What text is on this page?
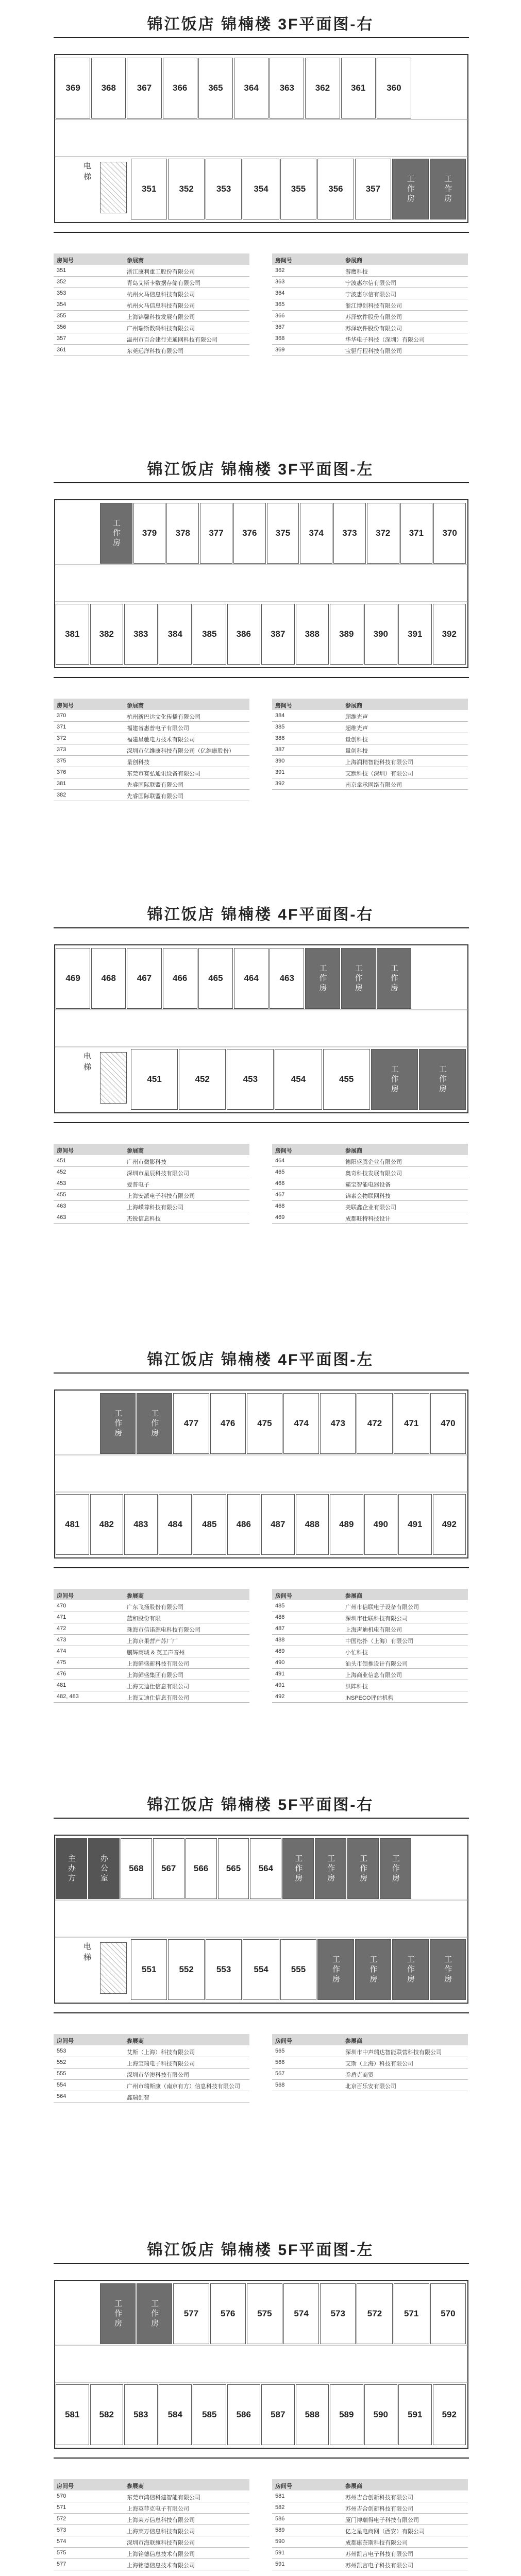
锦江饭店 锦楠楼 3F平面图-右
369	368	367	366	365	364	363	362	361	360
351	352	353	354	355	356	357	工作房	工作房
电梯
房间号	参展商
351	浙江康利重工股份有限公司
352	青岛艾斯卡数据存储有限公司
353	杭州火马信息科技有限公司
354	杭州火马信息科技有限公司
355	上海锦馨科技发展有限公司
356	广州瑞斯数码科技有限公司
357	温州市百合建行光通网科技有限公司
361	东莞远洋科技有限公司
房间号	参展商
362	游鹰科技
363	宁波惠尔信有限公司
364	宁波惠尔信有限公司
365	浙江博创科技有限公司
366	苏泽软件股份有限公司
367	苏泽软件股份有限公司
368	华华电子科技（深圳）有限公司
369	宝驱行程科技有限公司
锦江饭店 锦楠楼 3F平面图-左
工作房	379	378	377	376	375	374	373	372	371	370
381	382	383	384	385	386	387	388	389	390	391	392
房间号	参展商
370	杭州新巴达文化传播有限公司
371	福建省惠普电子有限公司
372	福建星驰电力技术有限公司
373	深圳市亿维康科技有限公司（亿维康股份）
375	量创科技
376	东莞市赛弘通讯设备有限公司
381	先睿国际联盟有限公司
382	先睿国际联盟有限公司
房间号	参展商
384	超维光声
385	超维光声
386	量创科技
387	量创科技
390	上海润精智能科技有限公司
391	艾默科技（深圳）有限公司
392	南京拿承网络有限公司
锦江饭店 锦楠楼 4F平面图-右
469	468	467	466	465	464	463	工作房	工作房	工作房
451	452	453	454	455	工作房	工作房
电梯
房间号	参展商
451	广州市微影科技
452	深圳市星辰科技有限公司
453	爱普电子
455	上海安派电子科技有限公司
463	上海嵘尊科技有限公司
463	杰锐信息科技
房间号	参展商
464	德阳盛腾企业有限公司
465	奥奇科技发展有限公司
466	霸宝智能电器设备
467	锦素会物联网科技
468	美联鑫企业有限公司
469	成都旺特科技设计
锦江饭店 锦楠楼 4F平面图-左
工作房	工作房	477	476	475	474	473	472	471	470
481	482	483	484	485	486	487	488	489	490	491	492
房间号	参展商
470	广东飞扬股份有限公司
471	蓝和股份有限
472	珠海市信诺源电科技有限公司
473	上海京果营产苏厂厂
474	鹏辉商城 & 英工声音州
475	上海鲜盛新科技有限公司
476	上海鲜盛集团有限公司
481	上海艾迪仕信息有限公司
482, 483	上海艾迪仕信息有限公司
房间号	参展商
485	广州市信联电子设备有限公司
486	深圳市仕联科技有限公司
487	上海声迪机电有限公司
488	中国松扑（上海）有限公司
489	小忙科技
490	汕头市领推设计有限公司
491	上海商业信息有限公司
491	洪阵科技
492	INSPECO评估机构
锦江饭店 锦楠楼 5F平面图-右
主办方	办公室	568	567	566	565	564	工作房	工作房	工作房	工作房
551	552	553	554	555	工作房	工作房	工作房	工作房
电梯
房间号	参展商
553	艾斯（上海）科技有限公司
552	上海宝瑞电子科技有限公司
555	深圳市华澳科技有限公司
554	广州市瑞斯康（南京有方）信息科技有限公司
564	鑫瑞创智
房间号	参展商
565	深圳市中声瑞达智能联营科技有限公司
566	艾斯（上海）科技有限公司
567	乔盾克商贸
568	北京百乐安有限公司
锦江饭店 锦楠楼 5F平面图-左
工作房	工作房	577	576	575	574	573	572	571	570
581	582	583	584	585	586	587	588	589	590	591	592
房间号	参展商
570	东莞市鸿信科建智能有限公司
571	上海英菲克电子有限公司
572	上海莱万信息科技有限公司
573	上海莱万信息科技有限公司
574	深圳市海联旗科技有限公司
575	上海铭德信息技术有限公司
577	上海铭德信息技术有限公司
房间号	参展商
581	苏州吉合创新科技有限公司
582	苏州吉合创新科技有限公司
586	厦门博瑞得电子科技有限公司
589	亿之星电商网（西安）有限公司
590	成都康奈斯科技有限公司
591	苏州凯言电子科技有限公司
591	苏州凯言电子科技有限公司
